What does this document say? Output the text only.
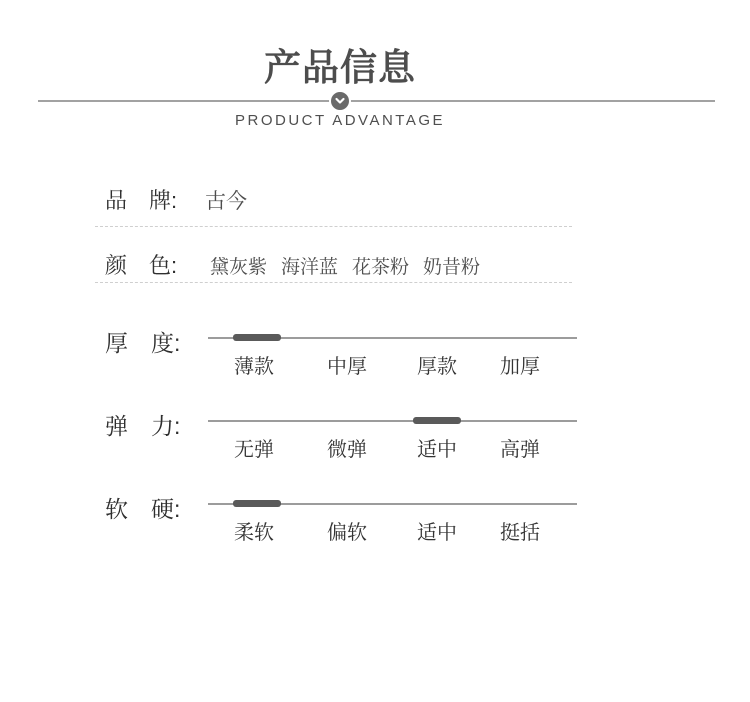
产品信息
PRODUCT ADVANTAGE
品　牌: 古今
颜　色: 黛灰紫 海洋蓝 花茶粉 奶昔粉
厚　度:
薄款	中厚	厚款 加厚
弹　力:
无弹	微弹	适中 高弹
软　硬:
柔软	偏软	适中 挺括
